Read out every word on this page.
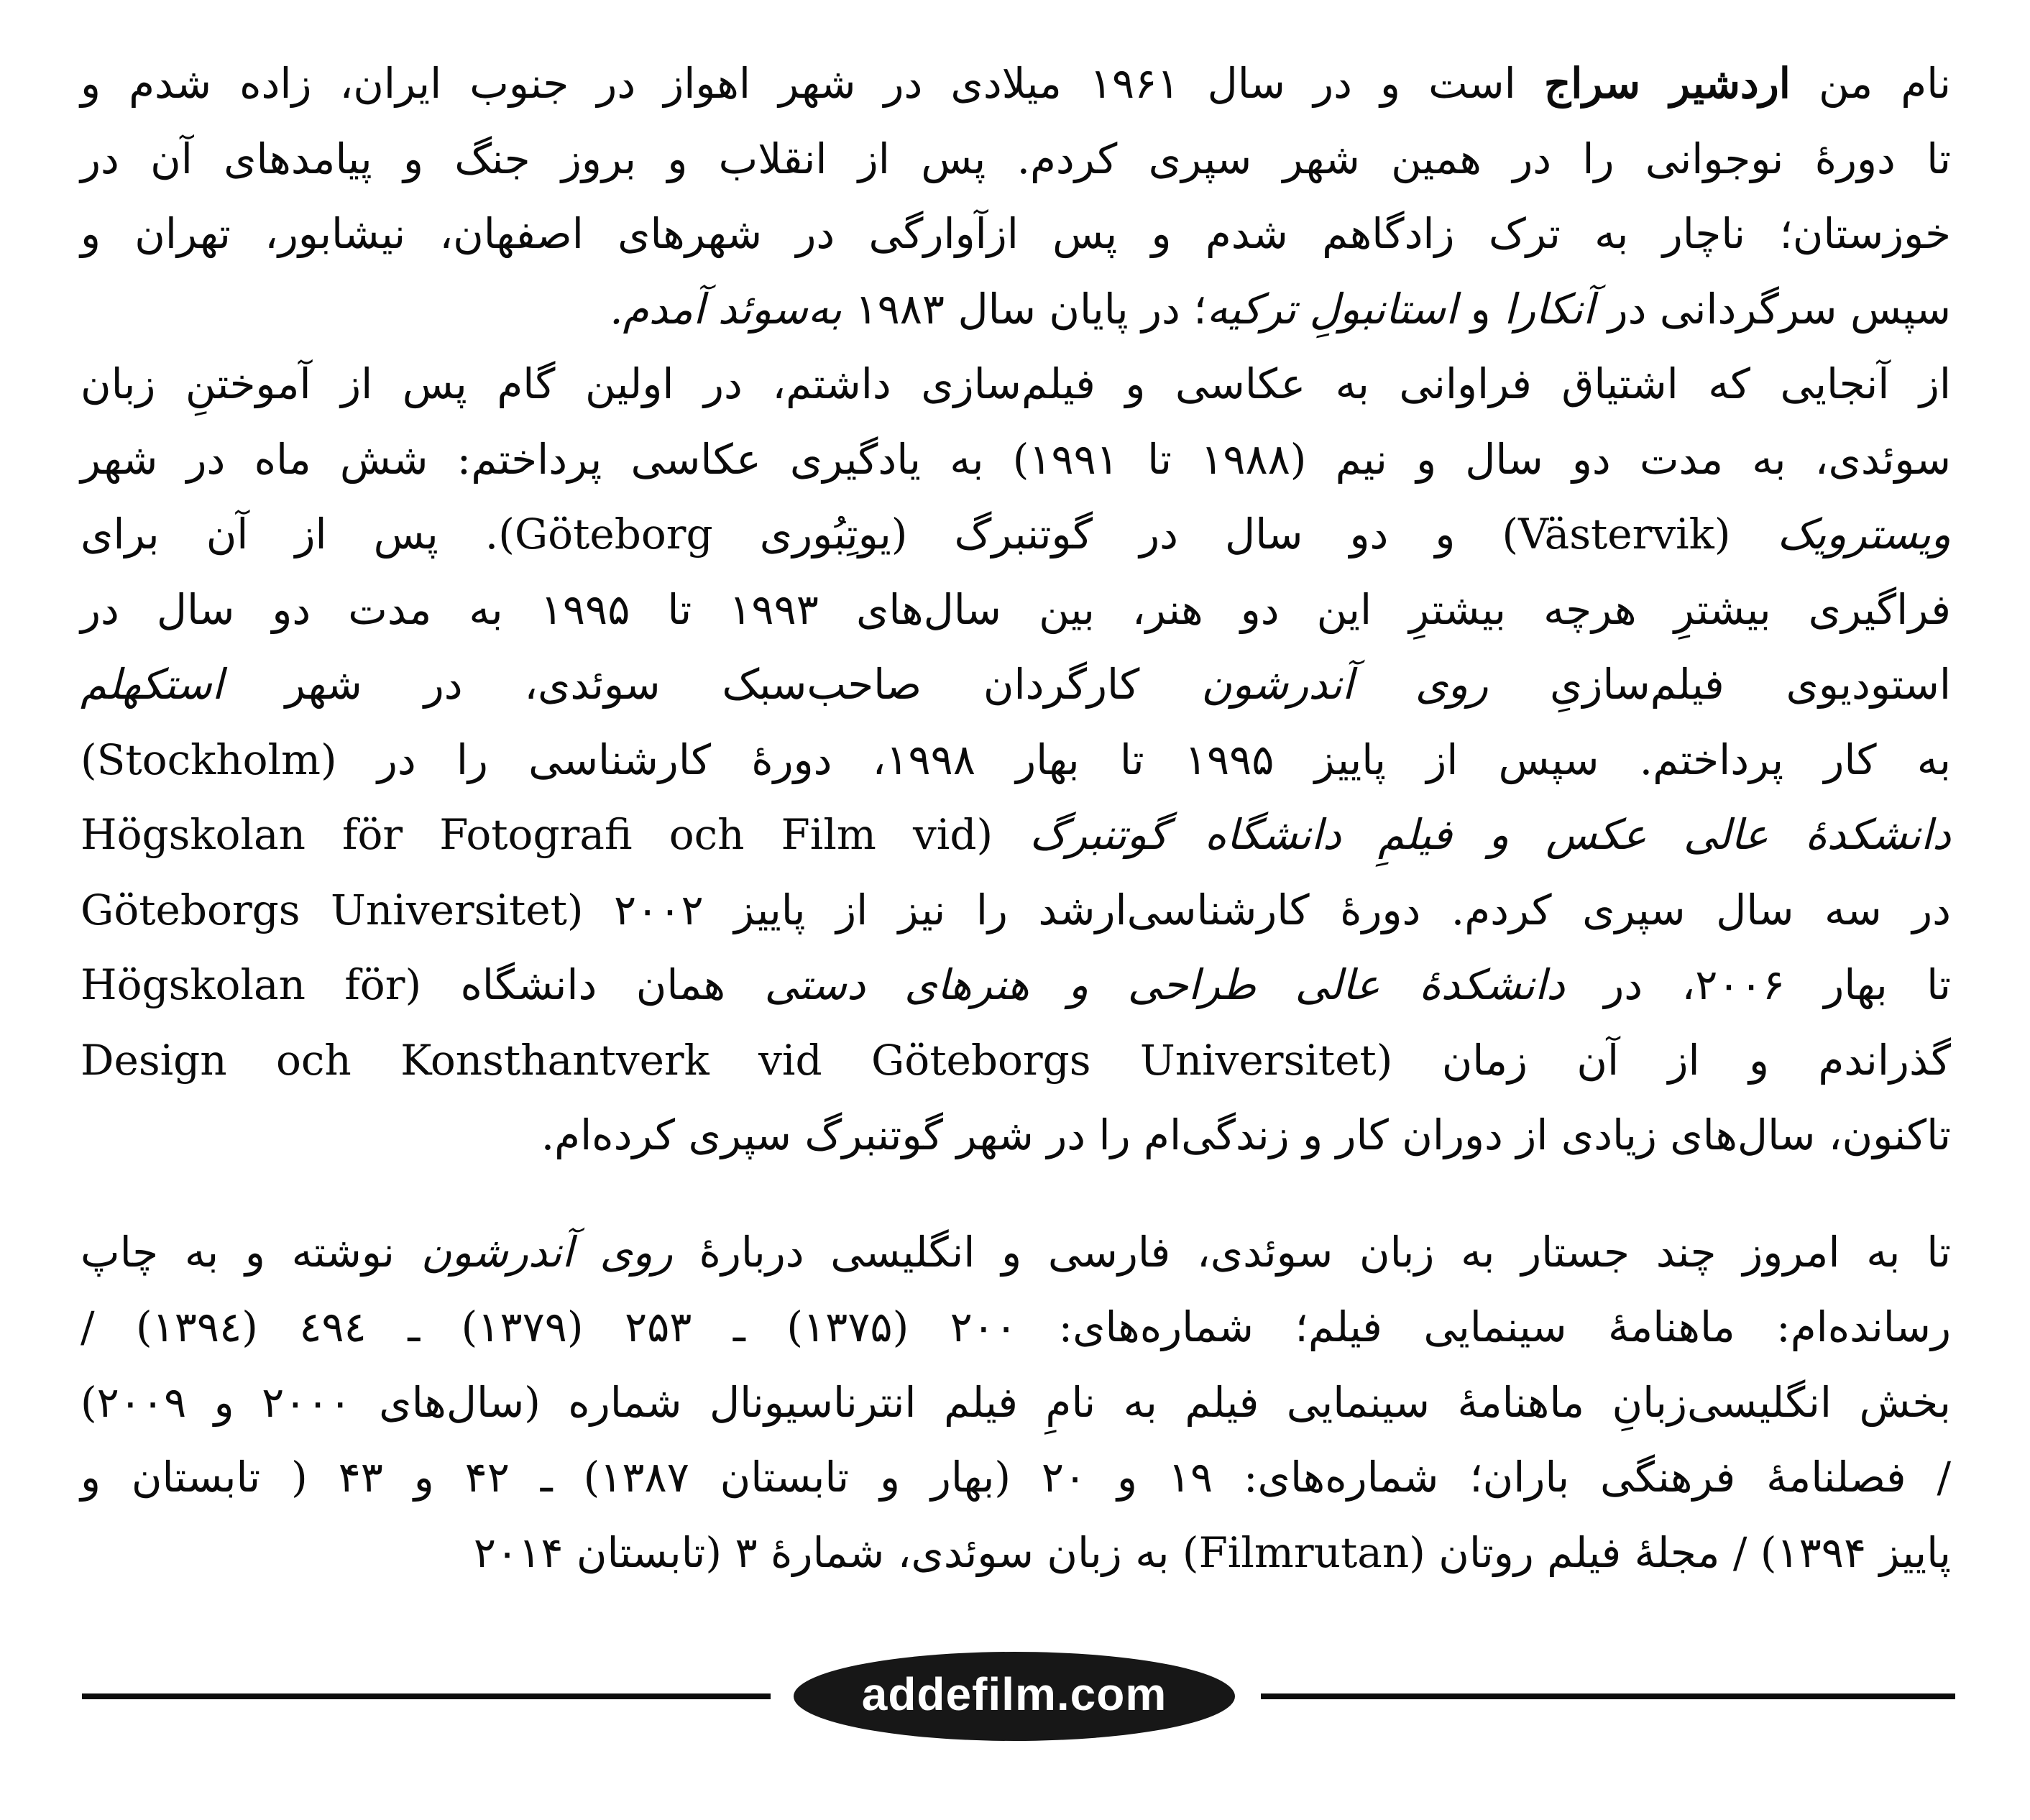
نام من اردشیر سراج است و در سال ۱۹۶۱ میلادی در شهر اهواز در جنوب ایران، زاده شدم و
تا دورهٔ نوجوانی را در همین شهر سپری کردم. پس از انقلاب و بروز جنگ و پیامدهای آن در
خوزستان؛ ناچار به ترک زادگاهم شدم و پس ازآوارگی در شهرهای اصفهان، نیشابور، تهران و
سپس سرگردانی در آنکارا و استانبولِ ترکیه؛ در پایان سال ۱۹۸۳ به‌سوئد آمدم.
از آنجایی که اشتیاق فراوانی به عکاسی و فیلم‌سازی داشتم، در اولین گام پس از آموختنِ زبان
سوئدی، به مدت دو سال و نیم (۱۹۸۸ تا ۱۹۹۱) به یادگیری عکاسی پرداختم: شش ماه در شهر
ویسترویک (Västervik) و دو سال در گوتنبرگ (یوتِبُوری Göteborg). پس از آن برای
فراگیری بیشترِ هرچه بیشترِ این دو هنر، بین سال‌های ۱۹۹۳ تا ۱۹۹۵ به مدت دو سال در
استودیوی فیلم‌سازیِ روی آندرشون کارگردان صاحب‌سبک سوئدی، در شهر استکهلم
(Stockholm) به کار پرداختم. سپس از پاییز ۱۹۹۵ تا بهار ۱۹۹۸، دورهٔ کارشناسی را در
دانشکدهٔ عالی عکس و فیلمِ دانشگاه گوتنبرگ (Högskolan för Fotografi och Film vid
Göteborgs Universitet) در سه سال سپری کردم. دورهٔ کارشناسی‌ارشد را نیز از پاییز ۲۰۰۲
تا بهار ۲۰۰۶، در دانشکدهٔ عالی طراحی و هنرهای دستی همان دانشگاه (Högskolan för
Design och Konsthantverk vid Göteborgs Universitet) گذراندم و از آن زمان
تاکنون، سال‌های زیادی از دوران کار و زندگی‌ام را در شهر گوتنبرگ سپری کرده‌ام.
تا به امروز چند جستار به زبان سوئدی، فارسی و انگلیسی دربارهٔ روی آندرشون نوشته و به چاپ
رسانده‌ام: ماهنامهٔ سینمایی فیلم؛ شماره‌های: ۲۰۰ (۱۳۷۵) ـ ۲۵۳ (۱۳۷۹) ـ ٤٩٤ (١٣٩٤) /
بخش انگلیسی‌زبانِ ماهنامهٔ سینمایی فیلم به نامِ فیلم انترناسیونال شماره (سال‌های ۲۰۰۰ و ۲۰۰۹)
/ فصلنامهٔ فرهنگی باران؛ شماره‌های: ۱۹ و ۲۰ (بهار و تابستان ۱۳۸۷) ـ ۴۲ و ۴۳ ( تابستان و
پاییز ۱۳۹۴) / مجلهٔ فیلم روتان (Filmrutan) به زبان سوئدی، شمارهٔ ۳ (تابستان ۲۰۱۴
addefilm.com
